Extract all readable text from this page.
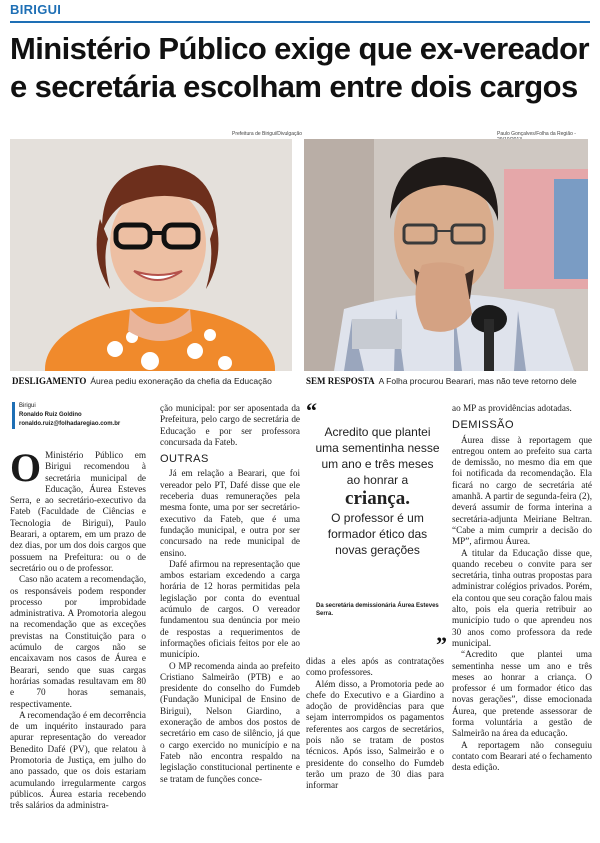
BIRIGUI
Ministério Público exige que ex-vereador e secretária escolham entre dois cargos
Prefeitura de Birigui/Divulgação	Paulo Gonçalves/Folha da Região -
DESLIGAMENTO Áurea pediu exoneração da chefia da Educação	SEM RESPOSTA A Folha procurou Bearari, mas não teve retorno dele
Birigui
Ronaldo Ruiz Goldino
ronaldo.ruiz@folhadaregiao.com.br

O Ministério Público em Birigui recomendou à secretária municipal de Educação, Áurea Esteves Serra, e ao secretário-executivo da Fateb (Faculdade de Ciências e Tecnologia de Birigui), Paulo Bearari, a optarem, em um prazo de dez dias, por um dos dois cargos que possuem na Prefeitura: ou o de secretário ou o de professor.

Caso não acatem a recomendação, os responsáveis podem responder processo por improbidade administrativa. A Promotoria alegou na recomendação que as exceções previstas na Constituição para o acúmulo de cargos não se encaixavam nos casos de Áurea e Bearari, sendo que suas cargas horárias somadas resultavam em 80 e 70 horas semanais, respectivamente.

A recomendação é em decorrência de um inquérito instaurado para apurar representação do vereador Benedito Dafé (PV), que relatou à Promotoria de Justiça, em julho do ano passado, que os dois estariam acumulando irregularmente cargos públicos. Áurea estaria recebendo três salários da administra-

ção municipal: por ser aposentada da Prefeitura, pelo cargo de secretária de Educação e por ser professora concursada da Fateb.

OUTRAS

Já em relação a Bearari, que foi vereador pelo PT, Dafé disse que ele receberia duas remunerações pela mesma fonte, uma por ser secretário-executivo da Fateb, que é uma fundação municipal, e outra por ser concursado na rede municipal de ensino.

Dafé afirmou na representação que ambos estariam excedendo a carga horária de 12 horas permitidas pela legislação por conta do eventual acúmulo de cargos. O vereador fundamentou sua denúncia por meio de respostas a requerimentos de informações oficiais feitos por ele ao município.

O MP recomenda ainda ao prefeito Cristiano Salmeirão (PTB) e ao presidente do conselho do Fumdeb (Fundação Municipal de Ensino de Birigui), Nelson Giardino, a exoneração de ambos dos postos de secretário em caso de silêncio, já que o cargo exercido no município e na Fateb não encontra respaldo na legislação constitucional pertinente e se tratam de funções conce-

“
Acredito que plantei uma sementinha nesse um ano e três meses ao honrar a
criança.
O professor é um formador ético das novas gerações
Da secretária demissionária Áurea Esteves Serra.
”

didas a eles após as contratações como professores.

Além disso, a Promotoria pede ao chefe do Executivo e a Giardino a adoção de providências para que sejam interrompidos os pagamentos referentes aos cargos de secretários, pois não se tratam de postos técnicos. Após isso, Salmeirão e o presidente do conselho do Fumdeb terão um prazo de 30 dias para informar

ao MP as providências adotadas.

DEMISSÃO

Áurea disse à reportagem que entregou ontem ao prefeito sua carta de demissão, no mesmo dia em que foi notificada da recomendação. Ela ficará no cargo de secretária até amanhã. A partir de segunda-feira (2), deverá assumir de forma interina a secretária-adjunta Meiriane Beltran. “Cabe a mim cumprir a decisão do MP”, afirmou Áurea.

A titular da Educação disse que, quando recebeu o convite para ser secretária, tinha outras propostas para administrar colégios privados. Porém, ela contou que seu coração falou mais alto, pois ela queria retribuir ao município tudo o que aprendeu nos 30 anos como professora da rede municipal.

“Acredito que plantei uma sementinha nesse um ano e três meses ao honrar a criança. O professor é um formador ético das novas gerações”, disse emocionada Áurea, que pretende assessorar de forma voluntária a gestão de Salmeirão na área da educação.

A reportagem não conseguiu contato com Bearari até o fechamento desta edição.
